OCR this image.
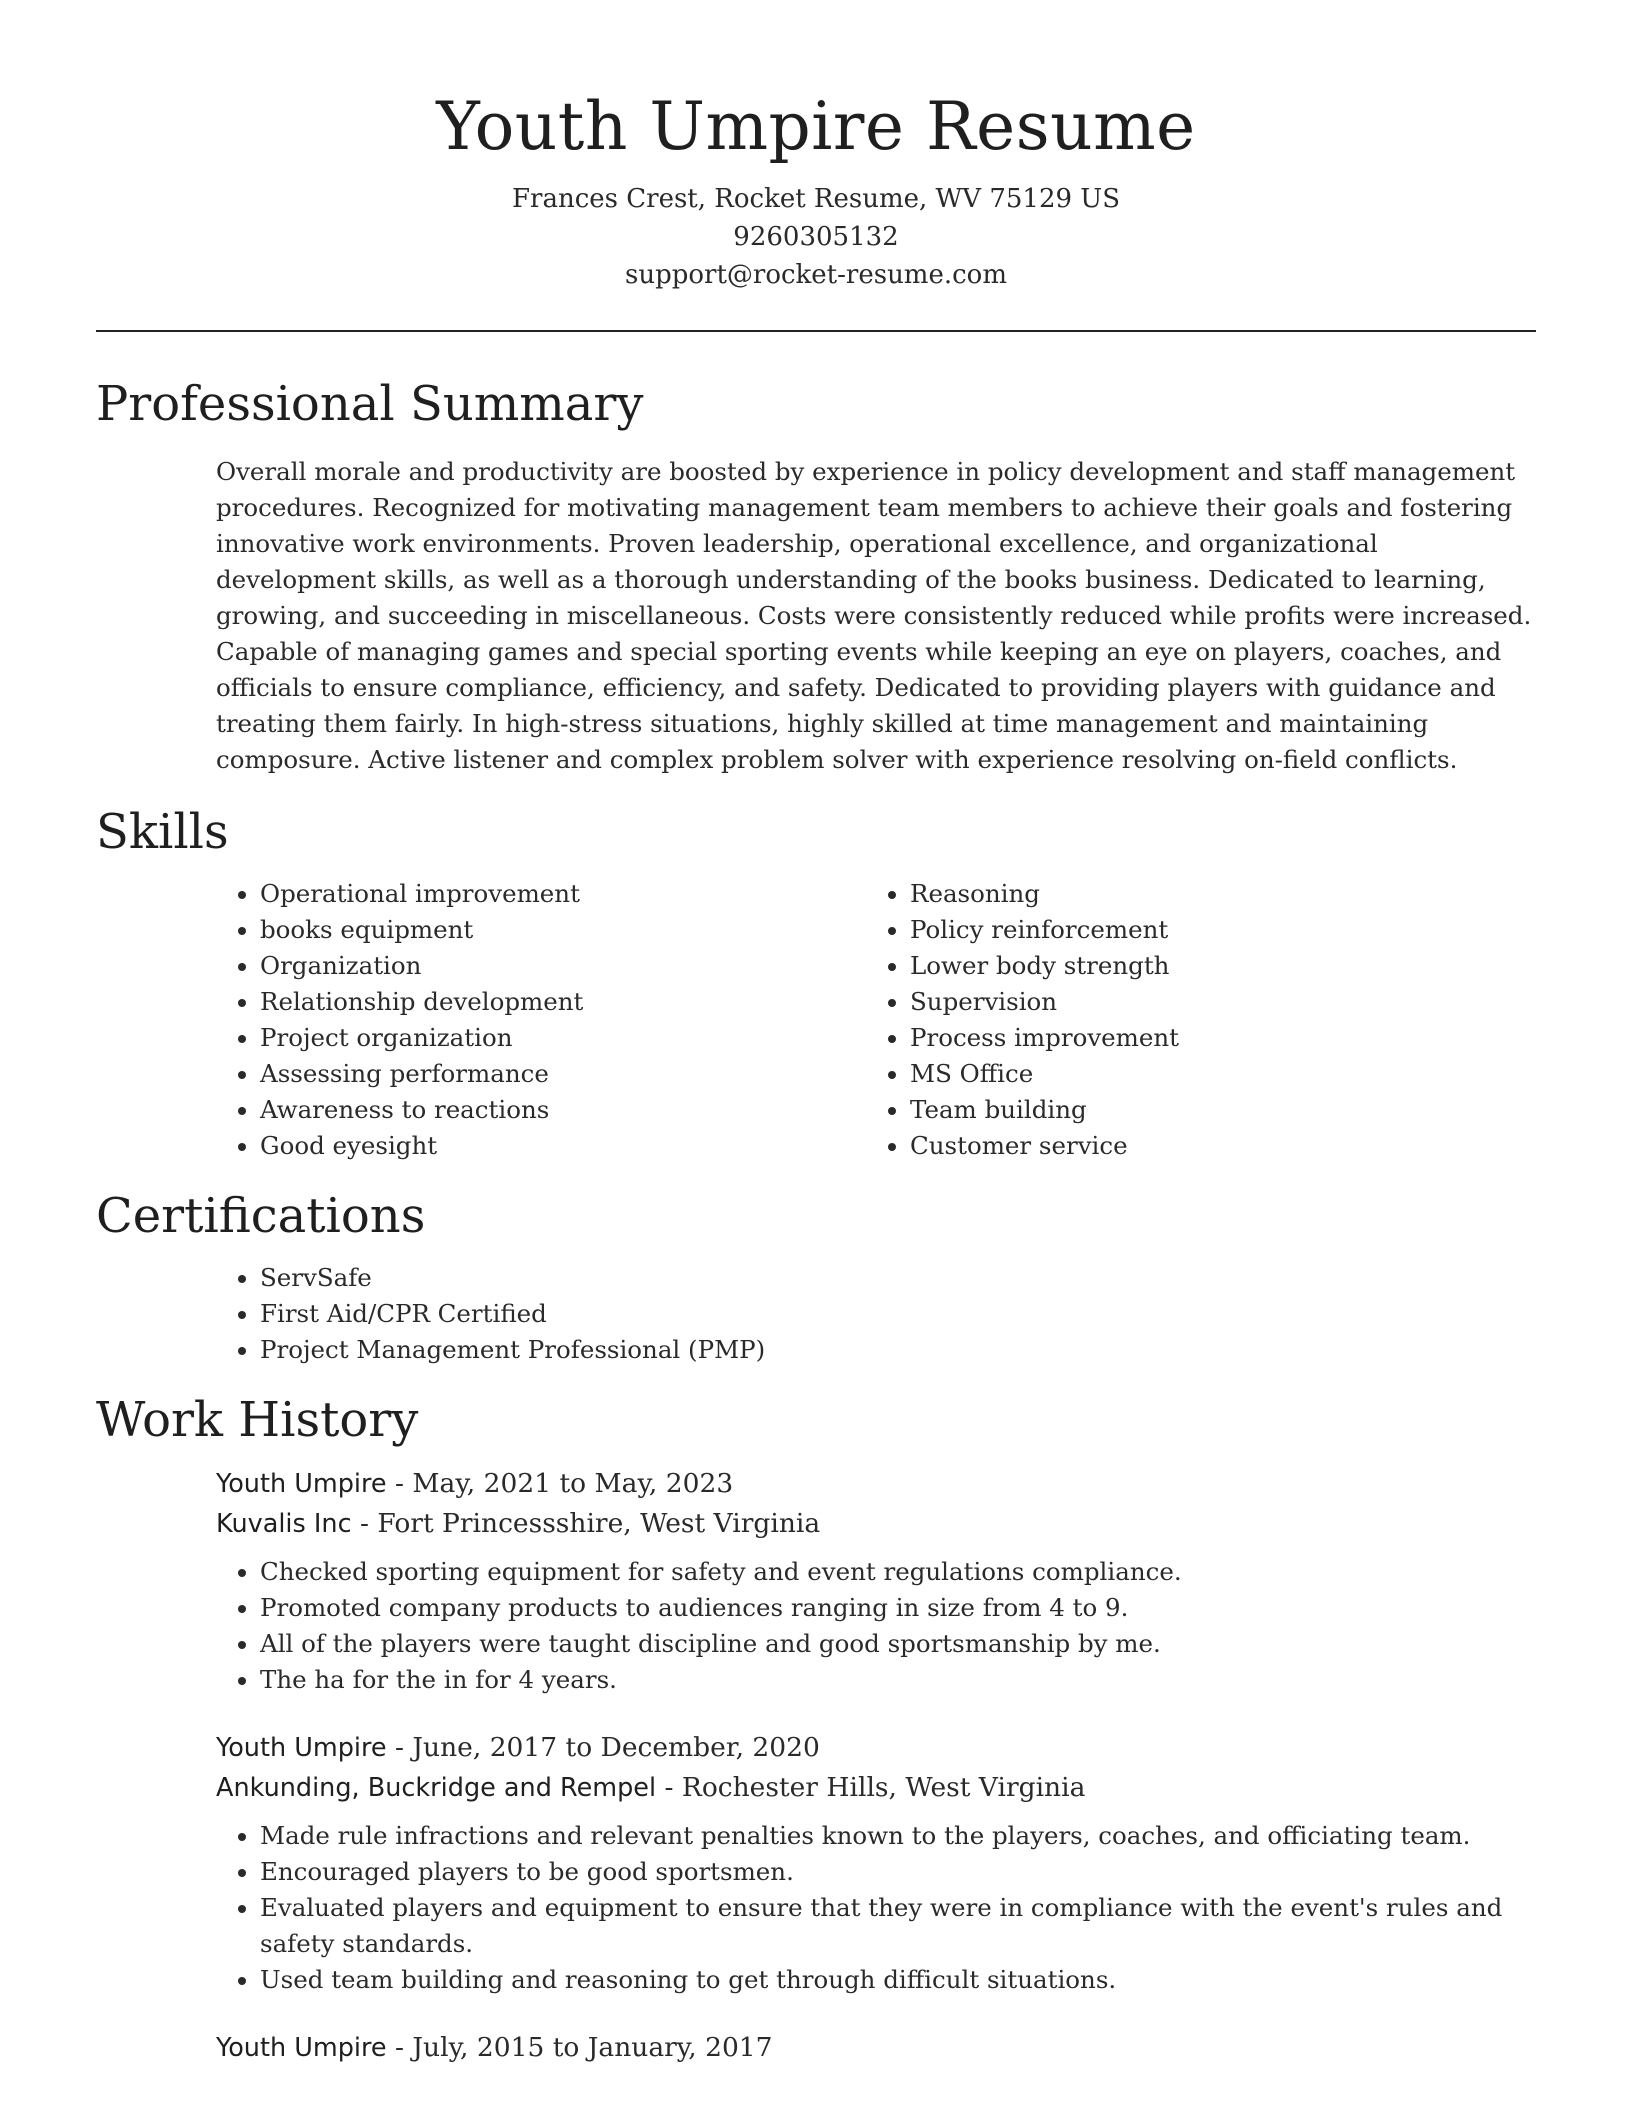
Youth Umpire Resume
Frances Crest, Rocket Resume, WV 75129 US
9260305132
support@rocket-resume.com
Professional Summary
Overall morale and productivity are boosted by experience in policy development and staff management procedures. Recognized for motivating management team members to achieve their goals and fostering innovative work environments. Proven leadership, operational excellence, and organizational development skills, as well as a thorough understanding of the books business. Dedicated to learning, growing, and succeeding in miscellaneous. Costs were consistently reduced while profits were increased. Capable of managing games and special sporting events while keeping an eye on players, coaches, and officials to ensure compliance, efficiency, and safety. Dedicated to providing players with guidance and treating them fairly. In high-stress situations, highly skilled at time management and maintaining composure. Active listener and complex problem solver with experience resolving on-field conflicts.
Skills
• Operational improvement
• books equipment
• Organization
• Relationship development
• Project organization
• Assessing performance
• Awareness to reactions
• Good eyesight
• Reasoning
• Policy reinforcement
• Lower body strength
• Supervision
• Process improvement
• MS Office
• Team building
• Customer service
Certifications
• ServSafe
• First Aid/CPR Certified
• Project Management Professional (PMP)
Work History
Youth Umpire - May, 2021 to May, 2023
Kuvalis Inc - Fort Princessshire, West Virginia
• Checked sporting equipment for safety and event regulations compliance.
• Promoted company products to audiences ranging in size from 4 to 9.
• All of the players were taught discipline and good sportsmanship by me.
• The ha for the in for 4 years.
Youth Umpire - June, 2017 to December, 2020
Ankunding, Buckridge and Rempel - Rochester Hills, West Virginia
• Made rule infractions and relevant penalties known to the players, coaches, and officiating team.
• Encouraged players to be good sportsmen.
• Evaluated players and equipment to ensure that they were in compliance with the event's rules and safety standards.
• Used team building and reasoning to get through difficult situations.
Youth Umpire - July, 2015 to January, 2017
